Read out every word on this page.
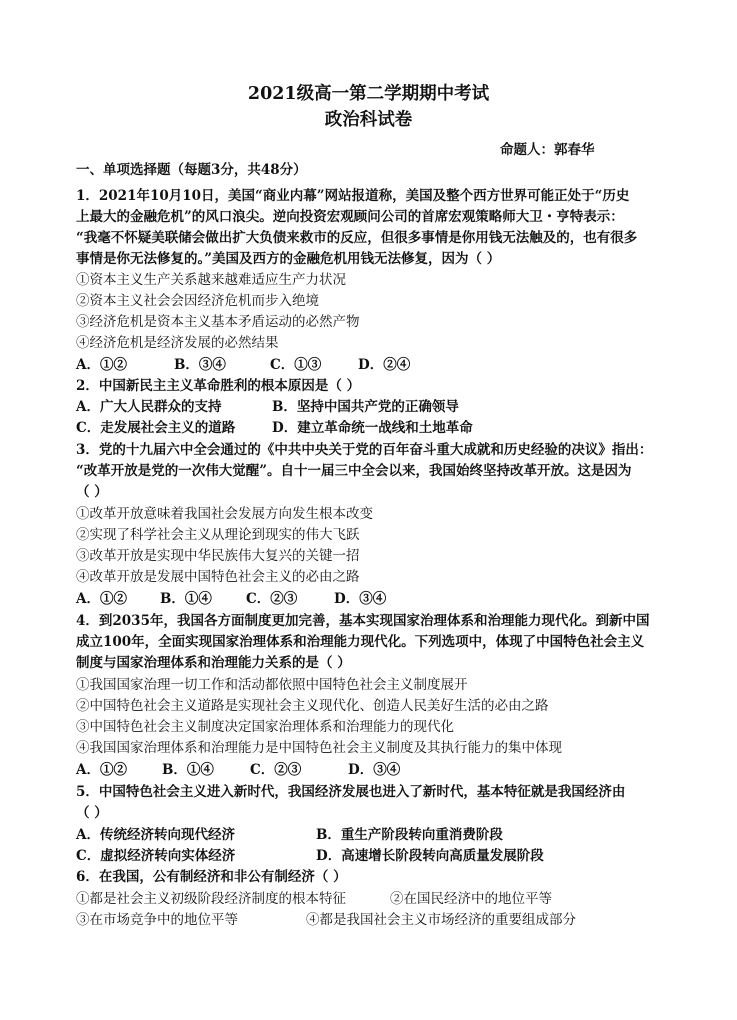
2021级高一第二学期期中考试
政治科试卷
命题人：郭春华
一、单项选择题（每题3分，共48分）
1．2021年10月10日，美国“商业内幕”网站报道称，美国及整个西方世界可能正处于“历史
上最大的金融危机”的风口浪尖。逆向投资宏观顾问公司的首席宏观策略师大卫・亨特表示：
“我毫不怀疑美联储会做出扩大负债来救市的反应，但很多事情是你用钱无法触及的，也有很多
事情是你无法修复的。”美国及西方的金融危机用钱无法修复，因为（ ）
①资本主义生产关系越来越难适应生产力状况
②资本主义社会会因经济危机而步入绝境
③经济危机是资本主义基本矛盾运动的必然产物
④经济危机是经济发展的必然结果
A．①②	B．③④	C．①③	D．②④
2．中国新民主主义革命胜利的根本原因是（ ）
A．广大人民群众的支持	B．坚持中国共产党的正确领导
C．走发展社会主义的道路	D．建立革命统一战线和土地革命
3．党的十九届六中全会通过的《中共中央关于党的百年奋斗重大成就和历史经验的决议》指出：
“改革开放是党的一次伟大觉醒”。自十一届三中全会以来，我国始终坚持改革开放。这是因为
（ ）
①改革开放意味着我国社会发展方向发生根本改变
②实现了科学社会主义从理论到现实的伟大飞跃
③改革开放是实现中华民族伟大复兴的关键一招
④改革开放是发展中国特色社会主义的必由之路
A．①② B．①④	C．②③	D．③④
4．到2035年，我国各方面制度更加完善，基本实现国家治理体系和治理能力现代化。到新中国
成立100年，全面实现国家治理体系和治理能力现代化。下列选项中，体现了中国特色社会主义
制度与国家治理体系和治理能力关系的是（ ）
①我国国家治理一切工作和活动都依照中国特色社会主义制度展开
②中国特色社会主义道路是实现社会主义现代化、创造人民美好生活的必由之路
③中国特色社会主义制度决定国家治理体系和治理能力的现代化
④我国国家治理体系和治理能力是中国特色社会主义制度及其执行能力的集中体现
A．①②	B．①④	C．②③	D．③④
5．中国特色社会主义进入新时代，我国经济发展也进入了新时代，基本特征就是我国经济由
（ ）
A．传统经济转向现代经济	B．重生产阶段转向重消费阶段
C．虚拟经济转向实体经济	D．高速增长阶段转向高质量发展阶段
6．在我国，公有制经济和非公有制经济（ ）
①都是社会主义初级阶段经济制度的根本特征	②在国民经济中的地位平等
③在市场竞争中的地位平等	④都是我国社会主义市场经济的重要组成部分
